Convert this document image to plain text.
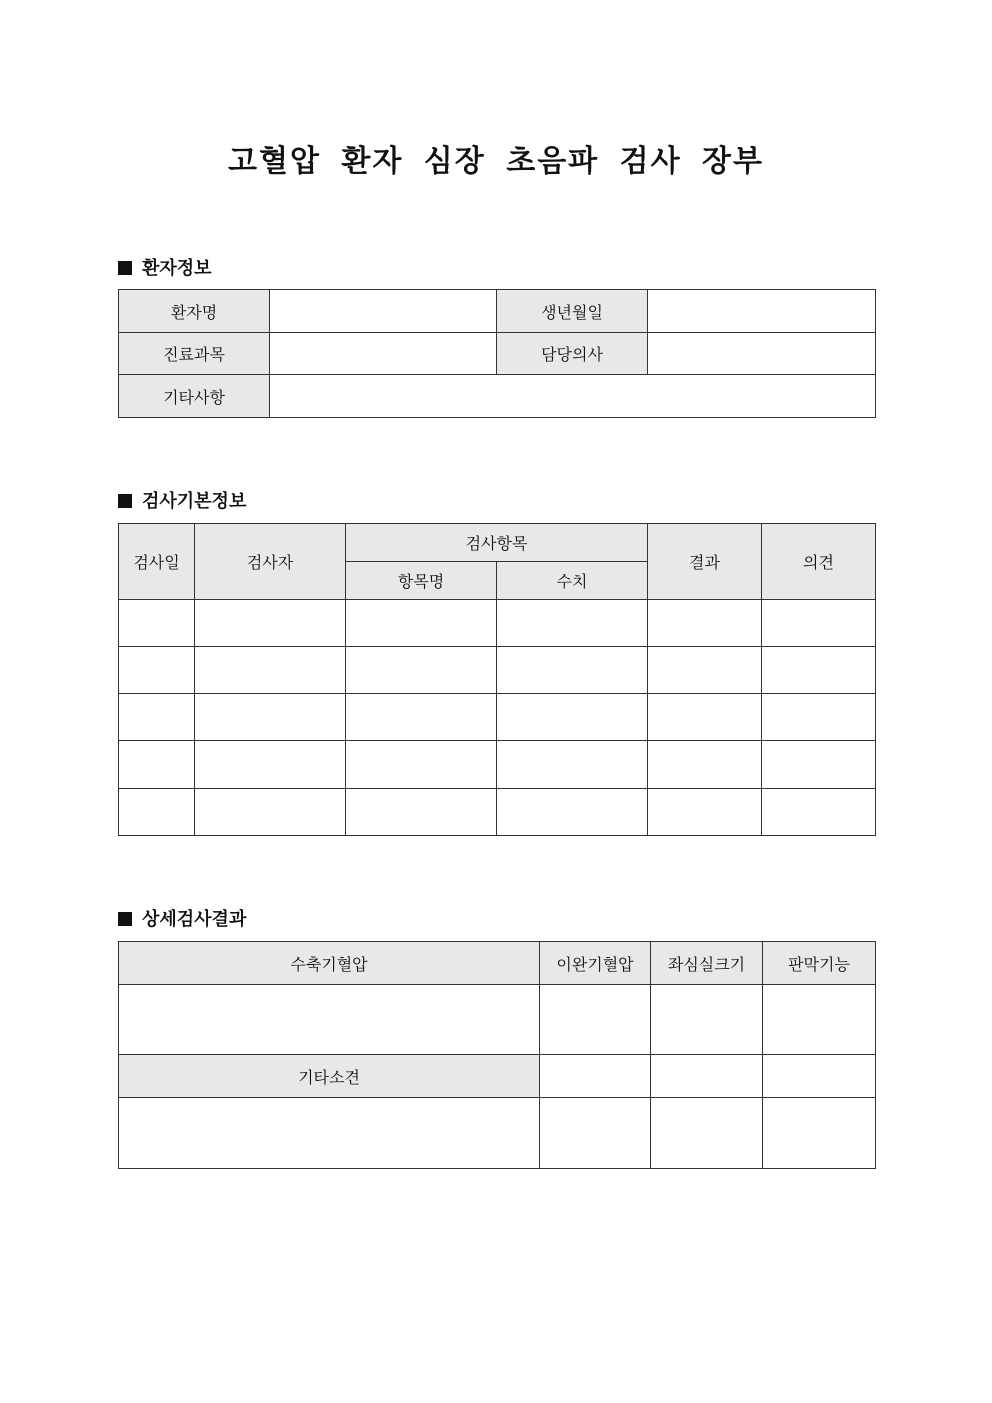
고혈압 환자 심장 초음파 검사 장부
환자정보
환자명		생년월일	
진료과목		담당의사	
기타사항			
검사기본정보
검사일	검사자	검사항목		결과	의견
		항목명	수치		

상세검사결과
수축기혈압	이완기혈압	좌심실크기	판막기능

기타소견			
